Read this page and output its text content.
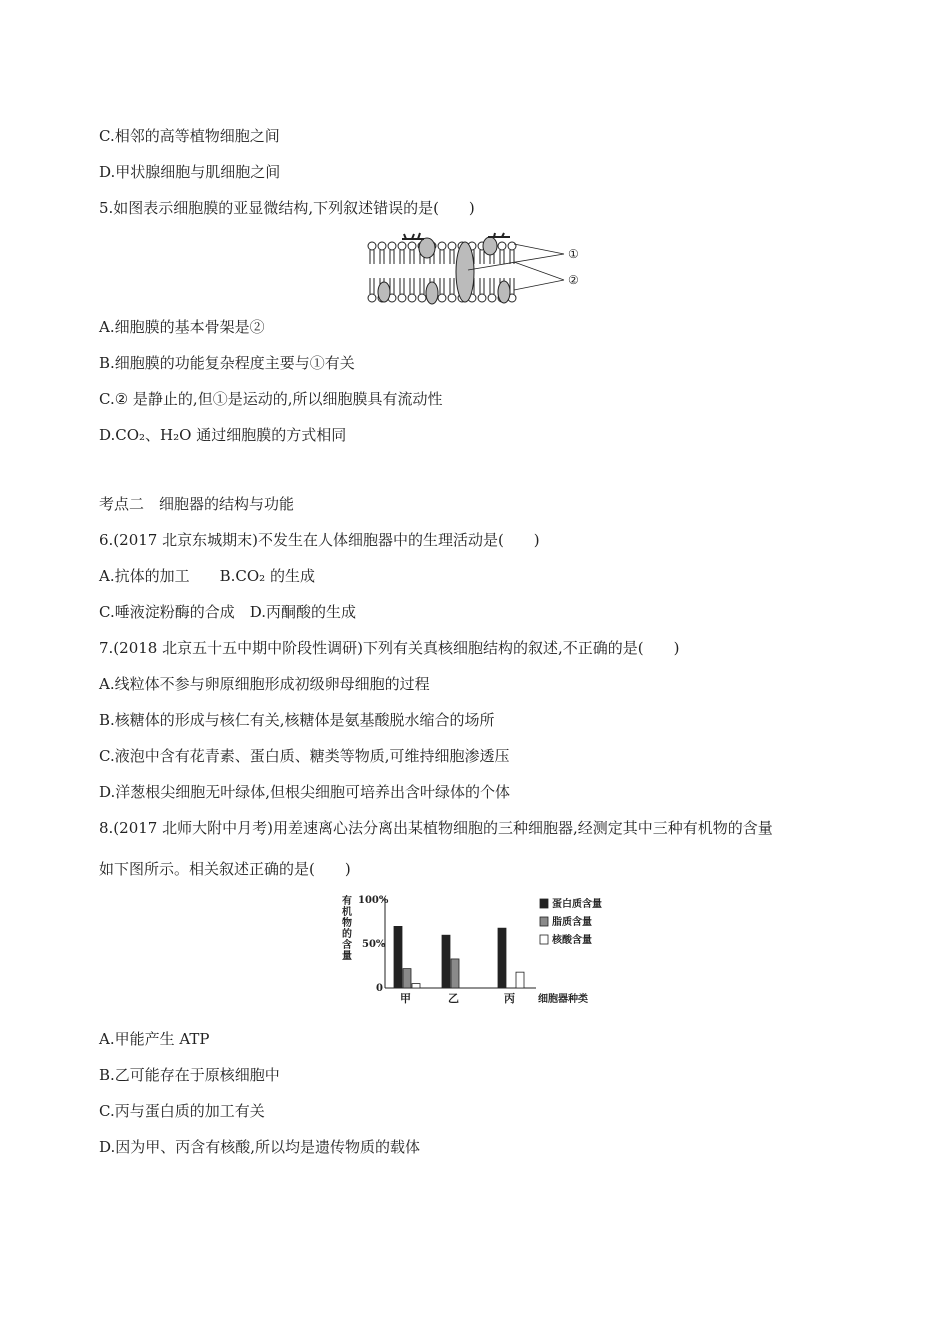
C.相邻的高等植物细胞之间
D.甲状腺细胞与肌细胞之间
5.如图表示细胞膜的亚显微结构,下列叙述错误的是(　　)
①
②
A.细胞膜的基本骨架是②
B.细胞膜的功能复杂程度主要与①有关
C.② 是静止的,但①是运动的,所以细胞膜具有流动性
D.CO₂、H₂O 通过细胞膜的方式相同
考点二　细胞器的结构与功能
6.(2017 北京东城期末)不发生在人体细胞器中的生理活动是(　　)
A.抗体的加工　　B.CO₂ 的生成
C.唾液淀粉酶的合成　D.丙酮酸的生成
7.(2018 北京五十五中期中阶段性调研)下列有关真核细胞结构的叙述,不正确的是(　　)
A.线粒体不参与卵原细胞形成初级卵母细胞的过程
B.核糖体的形成与核仁有关,核糖体是氨基酸脱水缩合的场所
C.液泡中含有花青素、蛋白质、糖类等物质,可维持细胞渗透压
D.洋葱根尖细胞无叶绿体,但根尖细胞可培养出含叶绿体的个体
8.(2017 北师大附中月考)用差速离心法分离出某植物细胞的三种细胞器,经测定其中三种有机物的含量
如下图所示。相关叙述正确的是(　　)
有机物的含量
细胞器种类
100%
50%
0
甲	乙	丙
蛋白质含量
脂质含量
核酸含量
A.甲能产生 ATP
B.乙可能存在于原核细胞中
C.丙与蛋白质的加工有关
D.因为甲、丙含有核酸,所以均是遗传物质的载体
